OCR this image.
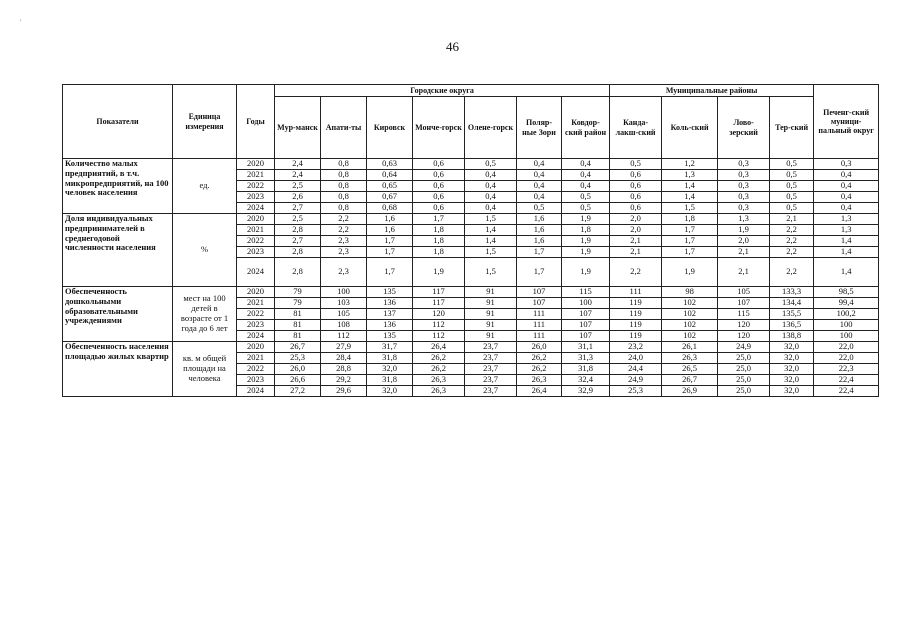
'
46
Показатели	Единица измерения	Годы	Городские округа							Муниципальные районы				Печенг-ский муници-пальный округ
			Мур-манск	Апати-ты	Кировск	Монче-горск	Олене-горск	Поляр-ные Зори	Ковдор-ский район	Канда-лакш-ский	Коль-ский	Лово-зерский	Тер-ский	
Количество малых предприятий, в т.ч. микропредприятий, на 100 человек населения	ед.	2020	2,4	0,8	0,63	0,6	0,5	0,4	0,4	0,5	1,2	0,3	0,5	0,3
		2021	2,4	0,8	0,64	0,6	0,4	0,4	0,4	0,6	1,3	0,3	0,5	0,4
		2022	2,5	0,8	0,65	0,6	0,4	0,4	0,4	0,6	1,4	0,3	0,5	0,4
		2023	2,6	0,8	0,67	0,6	0,4	0,4	0,5	0,6	1,4	0,3	0,5	0,4
		2024	2,7	0,8	0,68	0,6	0,4	0,5	0,5	0,6	1,5	0,3	0,5	0,4
Доля индивидуальных предпринимателей в среднегодовой численности населения	%	2020	2,5	2,2	1,6	1,7	1,5	1,6	1,9	2,0	1,8	1,3	2,1	1,3
		2021	2,8	2,2	1,6	1,8	1,4	1,6	1,8	2,0	1,7	1,9	2,2	1,3
		2022	2,7	2,3	1,7	1,8	1,4	1,6	1,9	2,1	1,7	2,0	2,2	1,4
		2023	2,8	2,3	1,7	1,8	1,5	1,7	1,9	2,1	1,7	2,1	2,2	1,4
		2024	2,8	2,3	1,7	1,9	1,5	1,7	1,9	2,2	1,9	2,1	2,2	1,4
Обеспеченность дошкольными образовательными учреждениями	мест на 100 детей в возрасте от 1 года до 6 лет	2020	79	100	135	117	91	107	115	111	98	105	133,3	98,5
		2021	79	103	136	117	91	107	100	119	102	107	134,4	99,4
		2022	81	105	137	120	91	111	107	119	102	115	135,5	100,2
		2023	81	108	136	112	91	111	107	119	102	120	136,5	100
		2024	81	112	135	112	91	111	107	119	102	120	138,8	100
Обеспеченность населения площадью жилых квартир	кв. м общей площади на человека	2020	26,7	27,9	31,7	26,4	23,7	26,0	31,1	23,2	26,1	24,9	32,0	22,0
		2021	25,3	28,4	31,8	26,2	23,7	26,2	31,3	24,0	26,3	25,0	32,0	22,0
		2022	26,0	28,8	32,0	26,2	23,7	26,2	31,8	24,4	26,5	25,0	32,0	22,3
		2023	26,6	29,2	31,8	26,3	23,7	26,3	32,4	24,9	26,7	25,0	32,0	22,4
		2024	27,2	29,6	32,0	26,3	23,7	26,4	32,9	25,3	26,9	25,0	32,0	22,4
